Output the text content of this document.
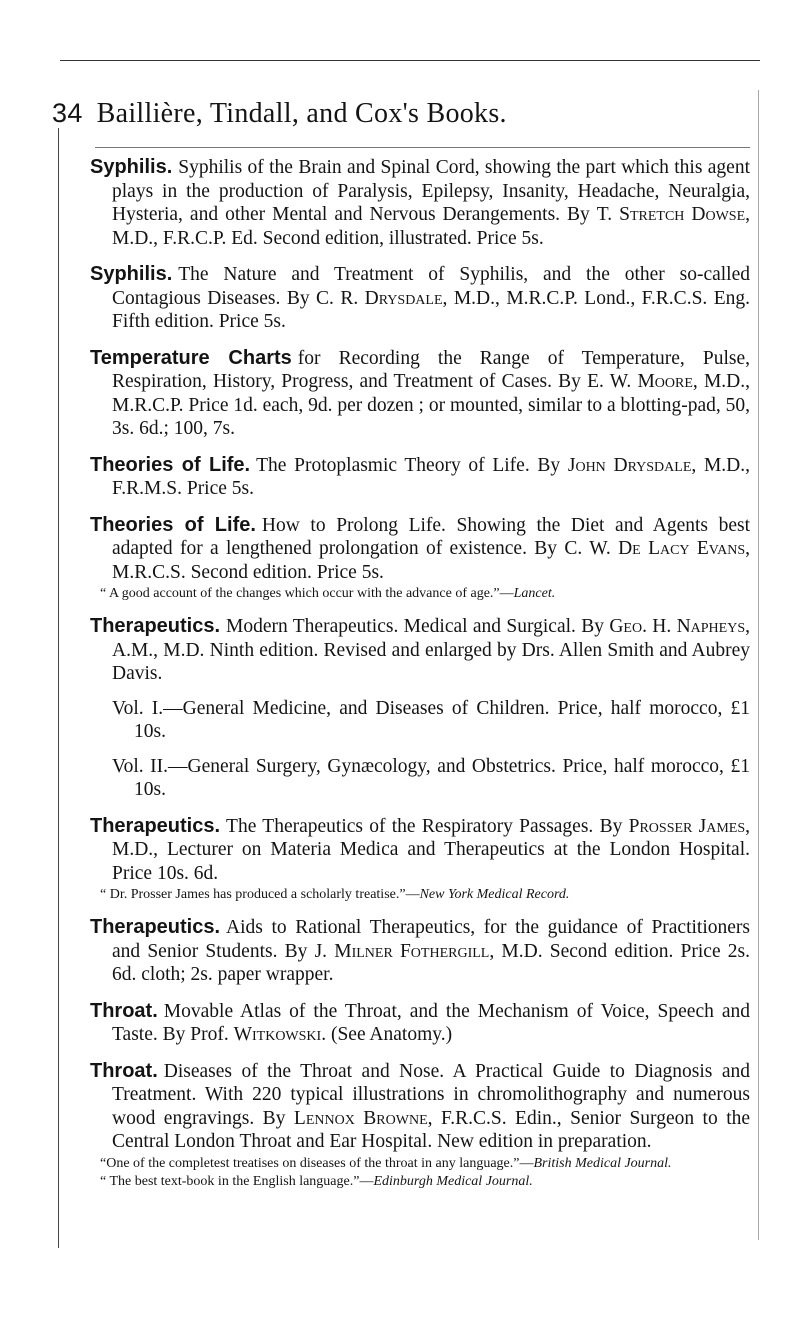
34 Baillière, Tindall, and Cox's Books.
Syphilis. Syphilis of the Brain and Spinal Cord, showing the part which this agent plays in the production of Paralysis, Epilepsy, Insanity, Headache, Neuralgia, Hysteria, and other Mental and Nervous Derangements. By T. Stretch Dowse, M.D., F.R.C.P. Ed. Second edition, illustrated. Price 5s.
Syphilis. The Nature and Treatment of Syphilis, and the other so-called Contagious Diseases. By C. R. Drysdale, M.D., M.R.C.P. Lond., F.R.C.S. Eng. Fifth edition. Price 5s.
Temperature Charts for Recording the Range of Temperature, Pulse, Respiration, History, Progress, and Treatment of Cases. By E. W. Moore, M.D., M.R.C.P. Price 1d. each, 9d. per dozen ; or mounted, similar to a blotting-pad, 50, 3s. 6d.; 100, 7s.
Theories of Life. The Protoplasmic Theory of Life. By John Drysdale, M.D., F.R.M.S. Price 5s.
Theories of Life. How to Prolong Life. Showing the Diet and Agents best adapted for a lengthened prolongation of existence. By C. W. De Lacy Evans, M.R.C.S. Second edition. Price 5s.
“ A good account of the changes which occur with the advance of age.”—Lancet.
Therapeutics. Modern Therapeutics. Medical and Surgical. By Geo. H. Napheys, A.M., M.D. Ninth edition. Revised and enlarged by Drs. Allen Smith and Aubrey Davis.
Vol. I.—General Medicine, and Diseases of Children. Price, half morocco, £1 10s.
Vol. II.—General Surgery, Gynæcology, and Obstetrics. Price, half morocco, £1 10s.
Therapeutics. The Therapeutics of the Respiratory Passages. By Prosser James, M.D., Lecturer on Materia Medica and Therapeutics at the London Hospital. Price 10s. 6d.
“ Dr. Prosser James has produced a scholarly treatise.”—New York Medical Record.
Therapeutics. Aids to Rational Therapeutics, for the guidance of Practitioners and Senior Students. By J. Milner Fothergill, M.D. Second edition. Price 2s. 6d. cloth; 2s. paper wrapper.
Throat. Movable Atlas of the Throat, and the Mechanism of Voice, Speech and Taste. By Prof. Witkowski. (See Anatomy.)
Throat. Diseases of the Throat and Nose. A Practical Guide to Diagnosis and Treatment. With 220 typical illustrations in chromolithography and numerous wood engravings. By Lennox Browne, F.R.C.S. Edin., Senior Surgeon to the Central London Throat and Ear Hospital. New edition in preparation.
“One of the completest treatises on diseases of the throat in any language.”—British Medical Journal.
“ The best text-book in the English language.”—Edinburgh Medical Journal.
